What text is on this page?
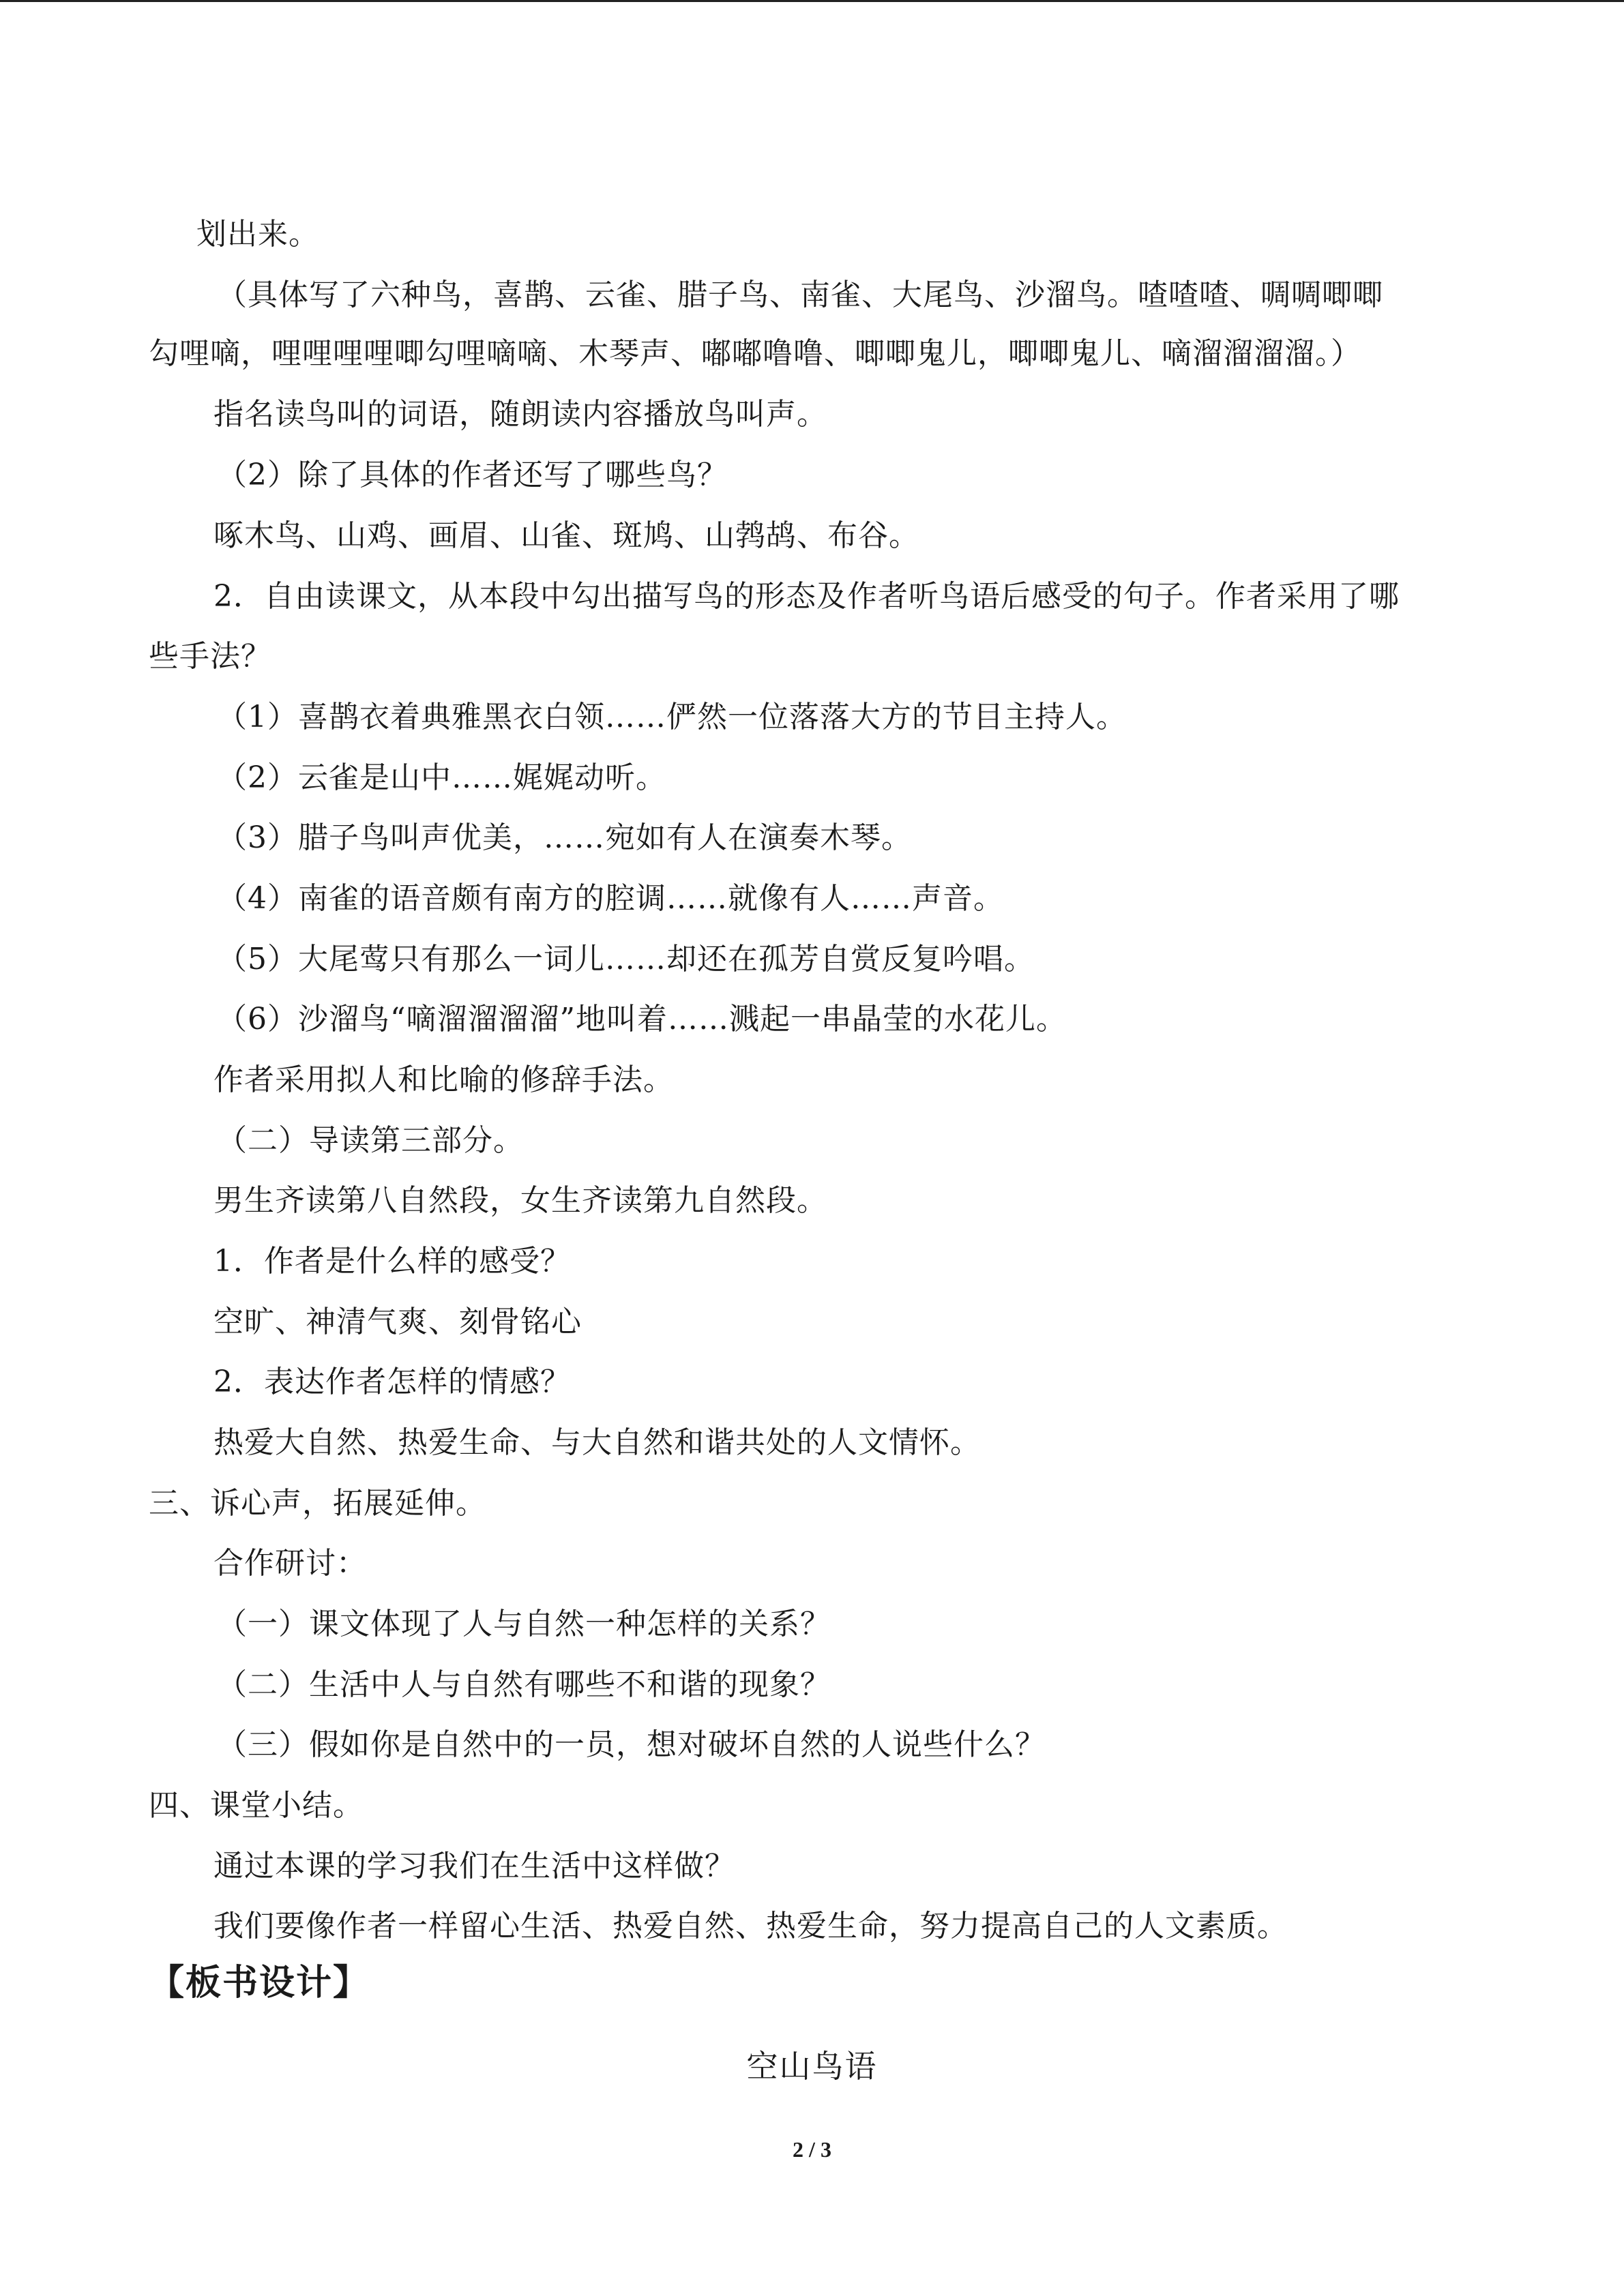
划出来。
（具体写了六种鸟，喜鹊、云雀、腊子鸟、南雀、大尾鸟、沙溜鸟。喳喳喳、啁啁唧唧
勾哩嘀，哩哩哩哩唧勾哩嘀嘀、木琴声、嘟嘟噜噜、唧唧鬼儿，唧唧鬼儿、嘀溜溜溜溜。）
指名读鸟叫的词语，随朗读内容播放鸟叫声。
（2）除了具体的作者还写了哪些鸟？
啄木鸟、山鸡、画眉、山雀、斑鸠、山鹁鸪、布谷。
2．自由读课文，从本段中勾出描写鸟的形态及作者听鸟语后感受的句子。作者采用了哪
些手法？
（1）喜鹊衣着典雅黑衣白领……俨然一位落落大方的节目主持人。
（2）云雀是山中……娓娓动听。
（3）腊子鸟叫声优美，……宛如有人在演奏木琴。
（4）南雀的语音颇有南方的腔调……就像有人……声音。
（5）大尾莺只有那么一词儿……却还在孤芳自赏反复吟唱。
（6）沙溜鸟“嘀溜溜溜溜”地叫着……溅起一串晶莹的水花儿。
作者采用拟人和比喻的修辞手法。
（二）导读第三部分。
男生齐读第八自然段，女生齐读第九自然段。
1．作者是什么样的感受？
空旷、神清气爽、刻骨铭心
2．表达作者怎样的情感？
热爱大自然、热爱生命、与大自然和谐共处的人文情怀。
三、诉心声，拓展延伸。
合作研讨：
（一）课文体现了人与自然一种怎样的关系？
（二）生活中人与自然有哪些不和谐的现象？
（三）假如你是自然中的一员，想对破坏自然的人说些什么？
四、课堂小结。
通过本课的学习我们在生活中这样做？
我们要像作者一样留心生活、热爱自然、热爱生命，努力提高自己的人文素质。
【板书设计】
空山鸟语
2 / 3
